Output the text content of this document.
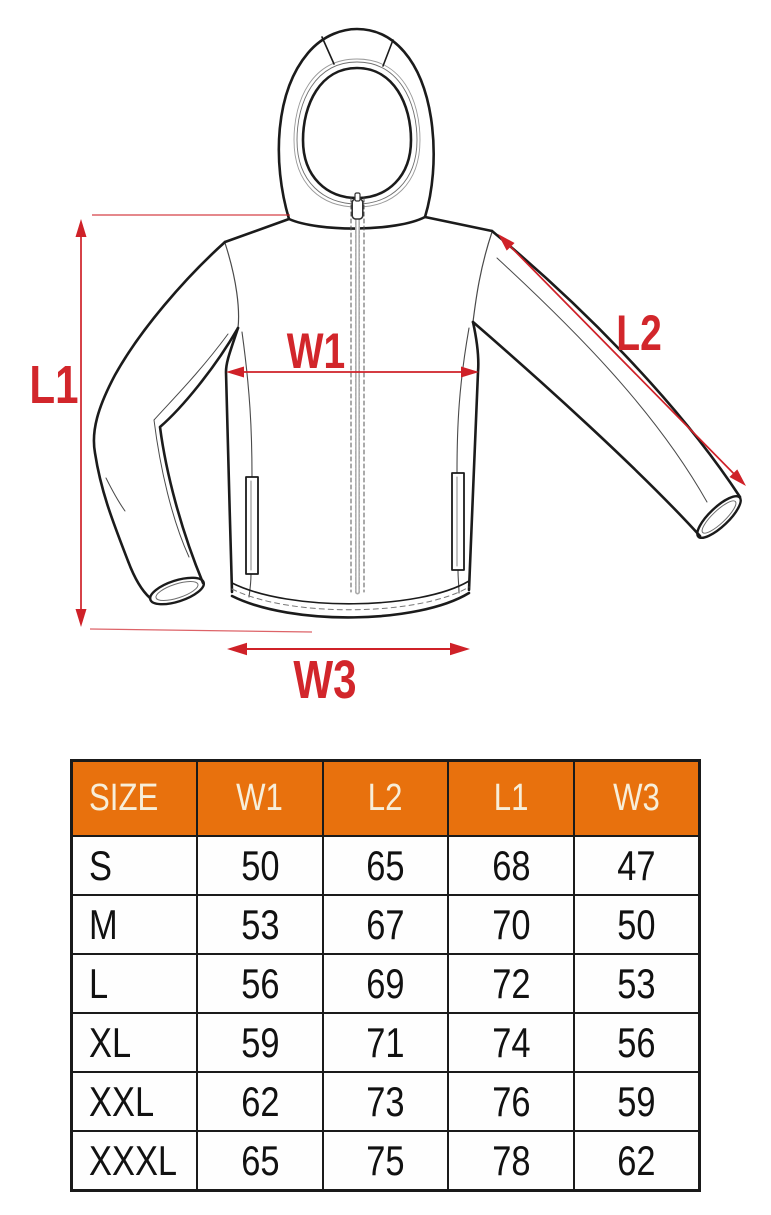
L1
W1	L2
W3
SIZE	W1	L2	L1	W3
S	50	65	68	47
M	53	67	70	50
L	56	69	72	53
XL	59	71	74	56
XXL	62	73	76	59
XXXL	65	75	78	62
